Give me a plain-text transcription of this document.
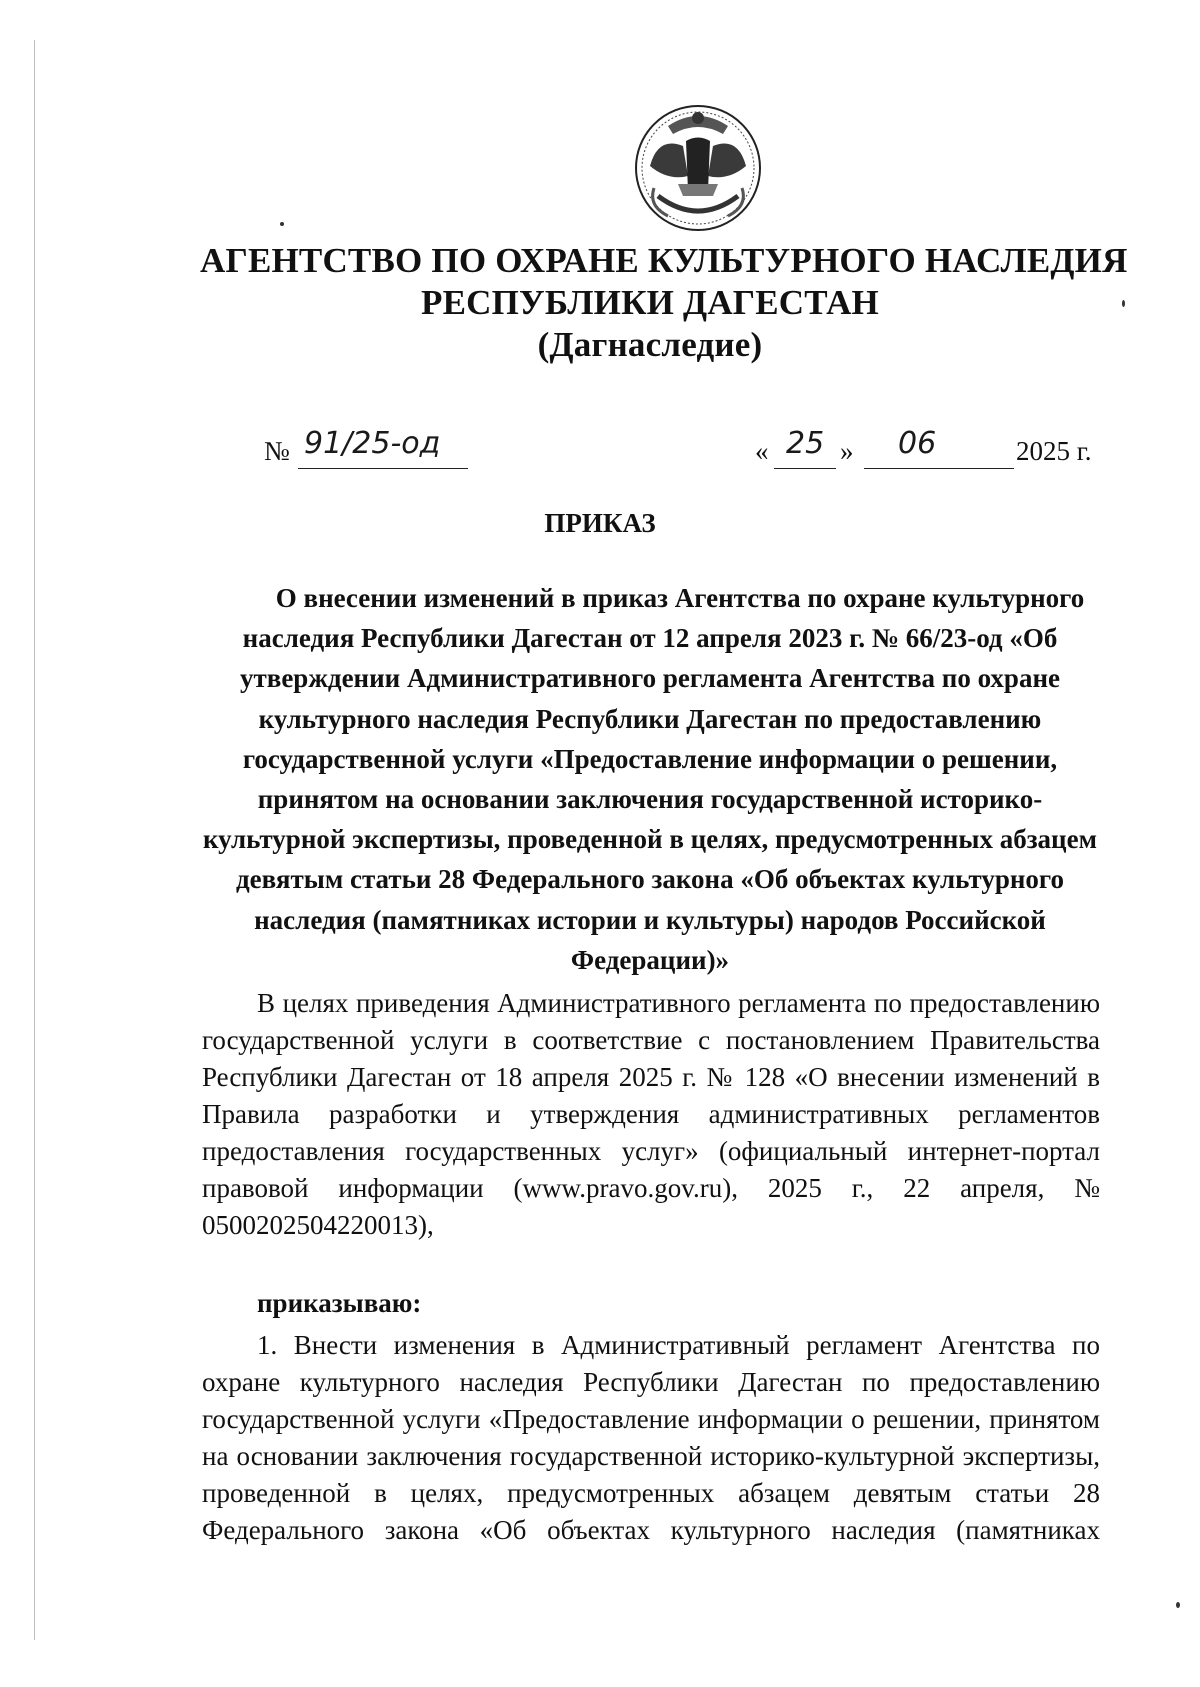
АГЕНТСТВО ПО ОХРАНЕ КУЛЬТУРНОГО НАСЛЕДИЯ
РЕСПУБЛИКИ ДАГЕСТАН
(Дагнаследие)
№ 91/25-од	« 25 » 06	2025 г.
ПРИКАЗ
О внесении изменений в приказ Агентства по охране культурного
наследия Республики Дагестан от 12 апреля 2023 г. № 66/23-од «Об
утверждении Административного регламента Агентства по охране
культурного наследия Республики Дагестан по предоставлению
государственной услуги «Предоставление информации о решении,
принятом на основании заключения государственной историко-
культурной экспертизы, проведенной в целях, предусмотренных абзацем
девятым статьи 28 Федерального закона «Об объектах культурного
наследия (памятниках истории и культуры) народов Российской
Федерации)»
В целях приведения Административного регламента по предоставлению
государственной услуги в соответствие с постановлением Правительства
Республики Дагестан от 18 апреля 2025 г. № 128 «О внесении изменений в
Правила разработки и утверждения административных регламентов
предоставления государственных услуг» (официальный интернет-портал
правовой информации (www.pravo.gov.ru), 2025 г., 22 апреля, №
0500202504220013),
приказываю:
1. Внести изменения в Административный регламент Агентства по
охране культурного наследия Республики Дагестан по предоставлению
государственной услуги «Предоставление информации о решении, принятом
на основании заключения государственной историко-культурной экспертизы,
проведенной в целях, предусмотренных абзацем девятым статьи 28
Федерального закона «Об объектах культурного наследия (памятниках
